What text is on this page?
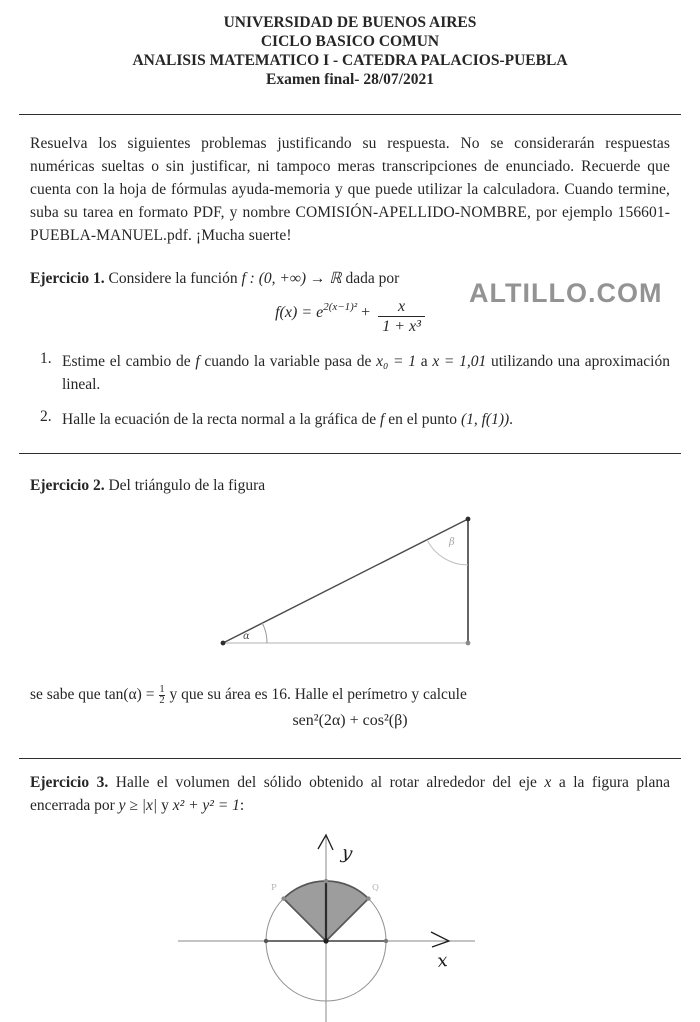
UNIVERSIDAD DE BUENOS AIRES
CICLO BASICO COMUN
ANALISIS MATEMATICO I - CATEDRA PALACIOS-PUEBLA
Examen final- 28/07/2021
Resuelva los siguientes problemas justificando su respuesta. No se considerarán respuestas numéricas sueltas o sin justificar, ni tampoco meras transcripciones de enunciado. Recuerde que cuenta con la hoja de fórmulas ayuda-memoria y que puede utilizar la calculadora. Cuando termine, suba su tarea en formato PDF, y nombre COMISIÓN-APELLIDO-NOMBRE, por ejemplo 156601-PUEBLA-MANUEL.pdf. ¡Mucha suerte!
ALTILLO.COM
Ejercicio 1. Considere la función f : (0, +∞) → ℝ dada por
$f(x) = e^{2(x-1)^2} + \frac{x}{\text{1 + x³}}$
1. Estime el cambio de f cuando la variable pasa de x₀ = 1 a x = 1,01 utilizando una aproximación lineal.
2. Halle la ecuación de la recta normal a la gráfica de f en el punto (1, f(1)).
Ejercicio 2. Del triángulo de la figura
α
β
se sabe que $\tan(\alpha) = \frac{1}{2}$ y que su área es 16. Halle el perímetro y calcule
sen²(2α) + cos²(β)
Ejercicio 3. Halle el volumen del sólido obtenido al rotar alrededor del eje x a la figura plana encerrada por y ≥ |x| y x² + y² = 1:
P	Q
y
x
